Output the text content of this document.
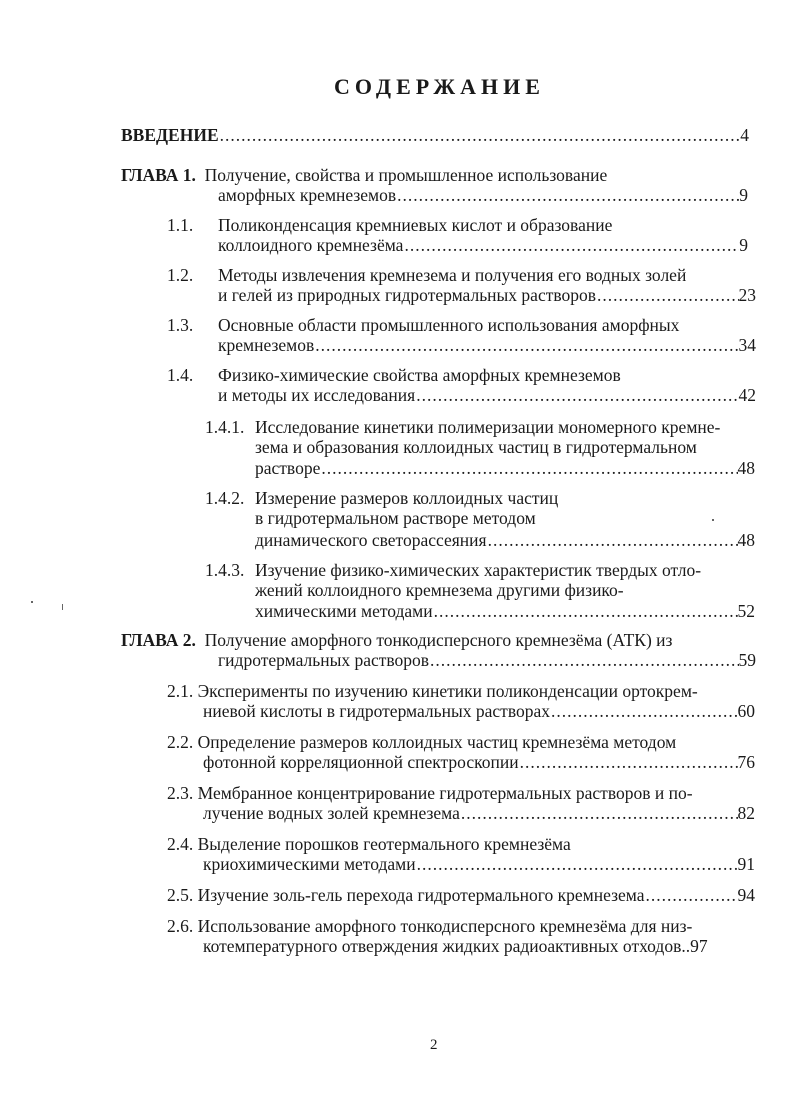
СОДЕРЖАНИЕ
ВВЕДЕНИЕ .....	4
ГЛАВА 1. Получение, свойства и промышленное использование
аморфных кремнеземов .....	9
1.1. Поликонденсация кремниевых кислот и образование
коллоидного кремнезёма .....	9
1.2. Методы извлечения кремнезема и получения его водных золей
и гелей из природных гидротермальных растворов .....	23
1.3. Основные области промышленного использования аморфных
кремнеземов .....	34
1.4. Физико-химические свойства аморфных кремнеземов
и методы их исследования .....	42
1.4.1. Исследование кинетики полимеризации мономерного кремне-
зема и образования коллоидных частиц в гидротермальном
растворе .....	48
1.4.2. Измерение размеров коллоидных частиц
в гидротермальном растворе методом
динамического светорассеяния .....	48
1.4.3. Изучение физико-химических характеристик твердых отло-
жений коллоидного кремнезема другими физико-
химическими методами .....	52
ГЛАВА 2. Получение аморфного тонкодисперсного кремнезёма (АТК) из
гидротермальных растворов .....	59
2.1. Эксперименты по изучению кинетики поликонденсации ортокрем-
ниевой кислоты в гидротермальных растворах .....	60
2.2. Определение размеров коллоидных частиц кремнезёма методом
фотонной корреляционной спектроскопии .....	76
2.3. Мембранное концентрирование гидротермальных растворов и по-
лучение водных золей кремнезема .....	82
2.4. Выделение порошков геотермального кремнезёма
криохимическими методами .....	91
2.5. Изучение золь-гель перехода гидротермального кремнезема .....	94
2.6. Использование аморфного тонкодисперсного кремнезёма для низ-
котемпературного отверждения жидких радиоактивных отходов..97
2
